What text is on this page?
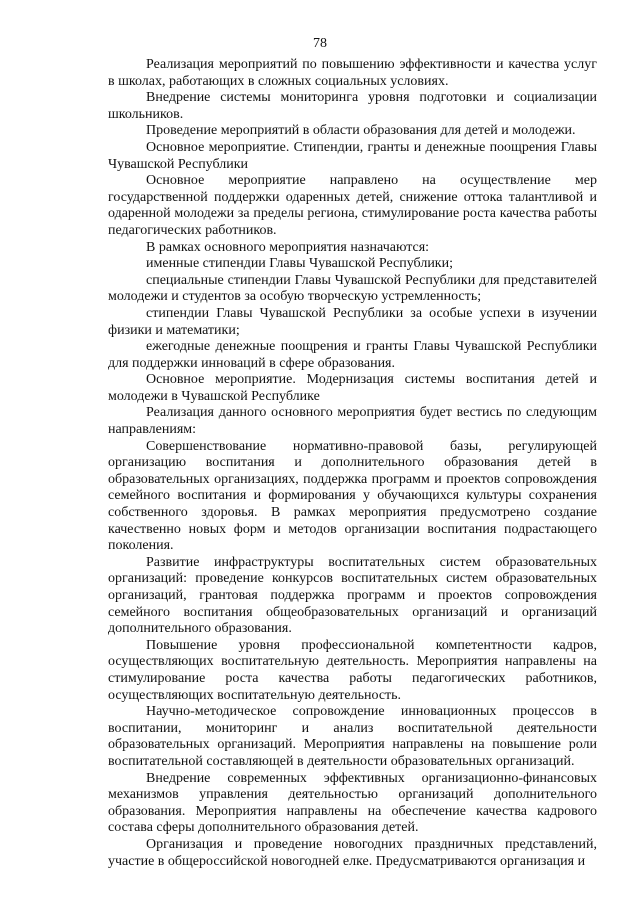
78

Реализация мероприятий по повышению эффективности и качества услуг в школах, работающих в сложных социальных условиях.

Внедрение системы мониторинга уровня подготовки и социализации школьников.

Проведение мероприятий в области образования для детей и молодежи.

Основное мероприятие. Стипендии, гранты и денежные поощрения Главы Чувашской Республики

Основное мероприятие направлено на осуществление мер государственной поддержки одаренных детей, снижение оттока талантливой и одаренной молодежи за пределы региона, стимулирование роста качества работы педагогических работников.

В рамках основного мероприятия назначаются:

именные стипендии Главы Чувашской Республики;

специальные стипендии Главы Чувашской Республики для представителей молодежи и студентов за особую творческую устремленность;

стипендии Главы Чувашской Республики за особые успехи в изучении физики и математики;

ежегодные денежные поощрения и гранты Главы Чувашской Республики для поддержки инноваций в сфере образования.

Основное мероприятие. Модернизация системы воспитания детей и молодежи в Чувашской Республике

Реализация данного основного мероприятия будет вестись по следующим направлениям:

Совершенствование нормативно-правовой базы, регулирующей организацию воспитания и дополнительного образования детей в образовательных организациях, поддержка программ и проектов сопровождения семейного воспитания и формирования у обучающихся культуры сохранения собственного здоровья. В рамках мероприятия предусмотрено создание качественно новых форм и методов организации воспитания подрастающего поколения.

Развитие инфраструктуры воспитательных систем образовательных организаций: проведение конкурсов воспитательных систем образовательных организаций, грантовая поддержка программ и проектов сопровождения семейного воспитания общеобразовательных организаций и организаций дополнительного образования.

Повышение уровня профессиональной компетентности кадров, осуществляющих воспитательную деятельность. Мероприятия направлены на стимулирование роста качества работы педагогических работников, осуществляющих воспитательную деятельность.

Научно-методическое сопровождение инновационных процессов в воспитании, мониторинг и анализ воспитательной деятельности образовательных организаций. Мероприятия направлены на повышение роли воспитательной составляющей в деятельности образовательных организаций.

Внедрение современных эффективных организационно-финансовых механизмов управления деятельностью организаций дополнительного образования. Мероприятия направлены на обеспечение качества кадрового состава сферы дополнительного образования детей.

Организация и проведение новогодних праздничных представлений, участие в общероссийской новогодней елке. Предусматриваются организация и
